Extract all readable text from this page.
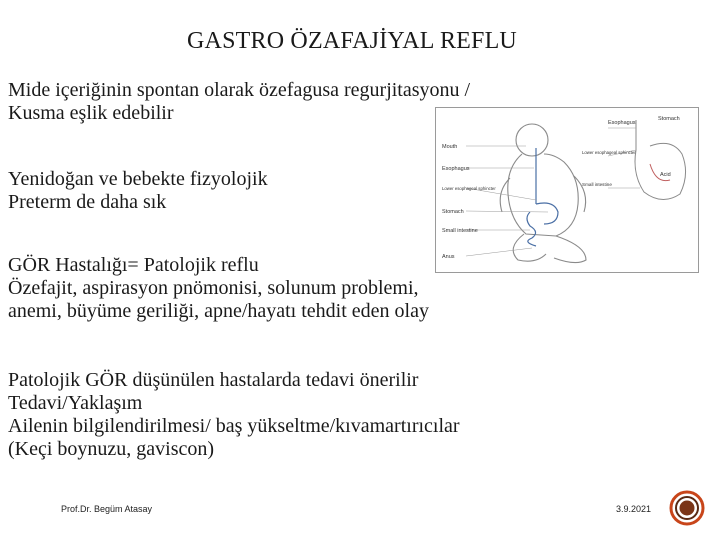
GASTRO ÖZAFAJİYAL REFLU
Mide içeriğinin spontan olarak özefagusa regurjitasyonu /
Kusma eşlik edebilir
Yenidoğan ve bebekte fizyolojik
Preterm de daha sık
GÖR Hastalığı= Patolojik reflu
Özefajit, aspirasyon pnömonisi, solunum problemi,
anemi, büyüme geriliği, apne/hayatı tehdit eden olay
Patolojik GÖR düşünülen hastalarda tedavi önerilir
Tedavi/Yaklaşım
Ailenin bilgilendirilmesi/ baş yükseltme/kıvamartırıcılar
(Keçi boynuzu, gaviscon)
Mouth
Esophagus
Lower esophageal sphincter
Stomach
Small intestine
Anus
Esophagus
Stomach
Lower esophageal sphincter
Small intestine
Acid
Prof.Dr. Begüm Atasay	3.9.2021
